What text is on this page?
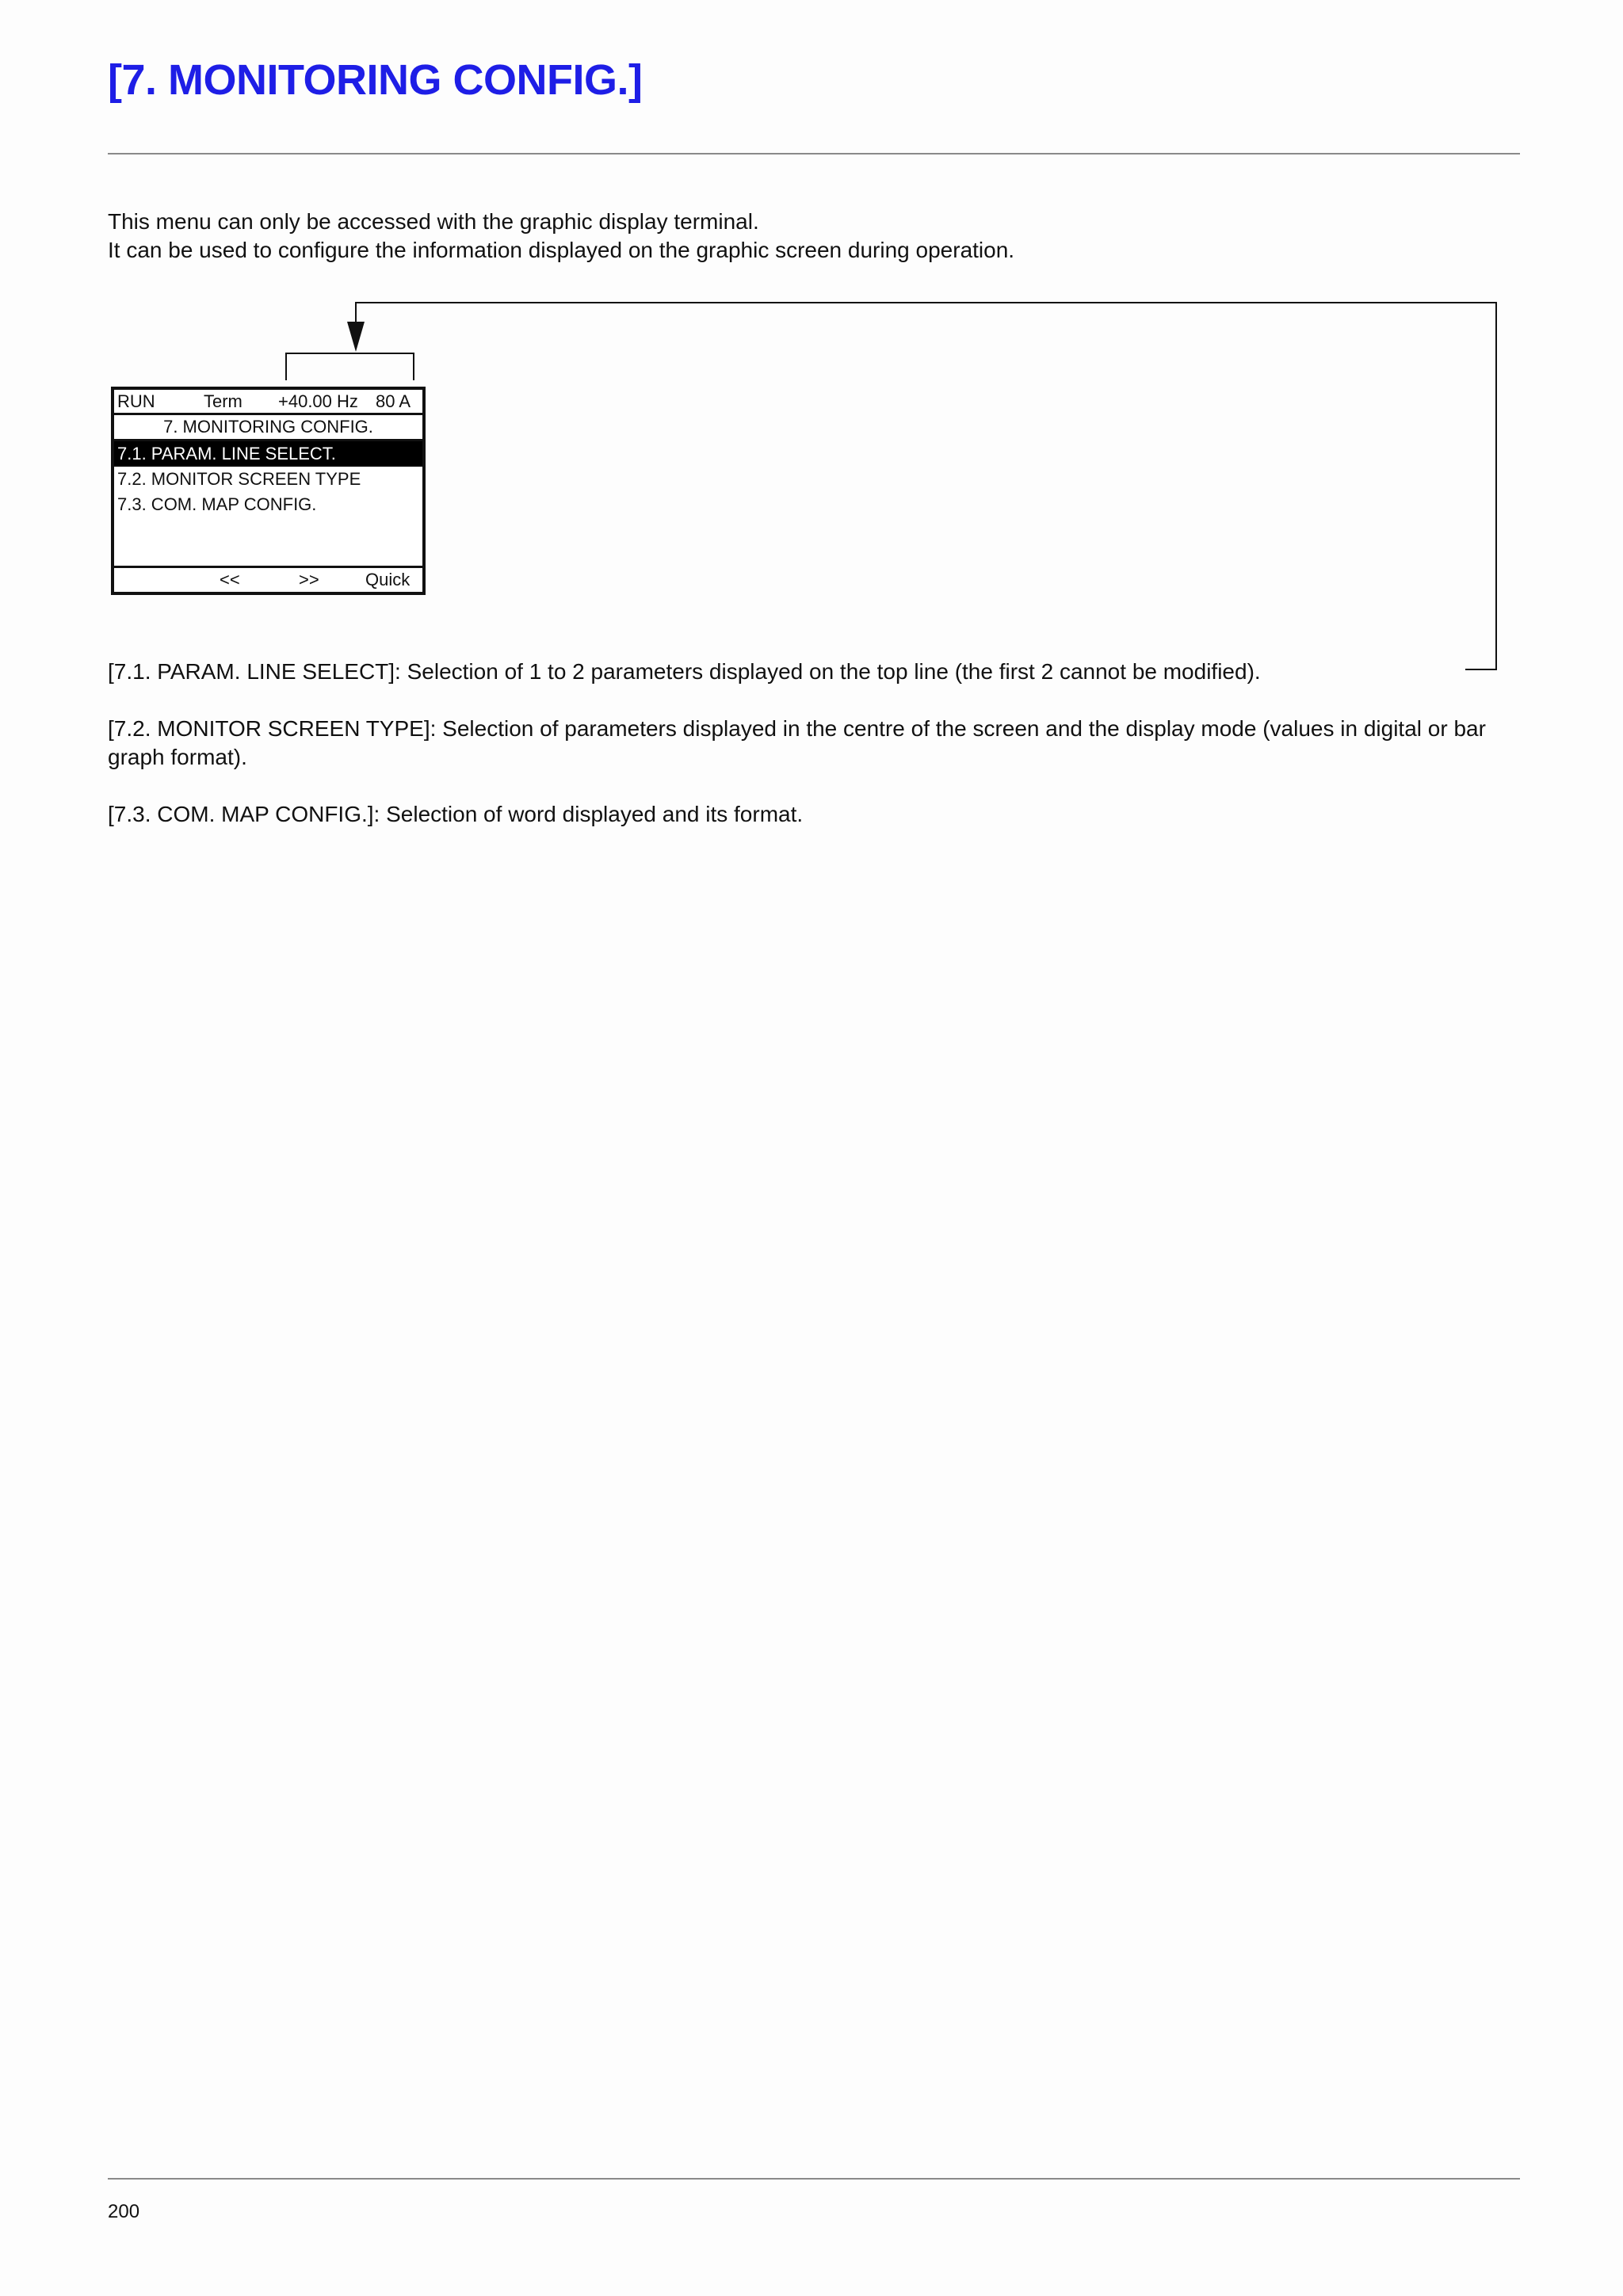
[7. MONITORING CONFIG.]

This menu can only be accessed with the graphic display terminal.

It can be used to configure the information displayed on the graphic screen during operation.

RUN	Term +40.00 Hz 80 A
7. MONITORING CONFIG.
7.1. PARAM. LINE SELECT.
7.2. MONITOR SCREEN TYPE
7.3. COM. MAP CONFIG.
<<	>>	Quick

[7.1. PARAM. LINE SELECT]: Selection of 1 to 2 parameters displayed on the top line (the first 2 cannot be modified).

[7.2. MONITOR SCREEN TYPE]: Selection of parameters displayed in the centre of the screen and the display mode (values in digital or bar graph format).

[7.3. COM. MAP CONFIG.]: Selection of word displayed and its format.

200
